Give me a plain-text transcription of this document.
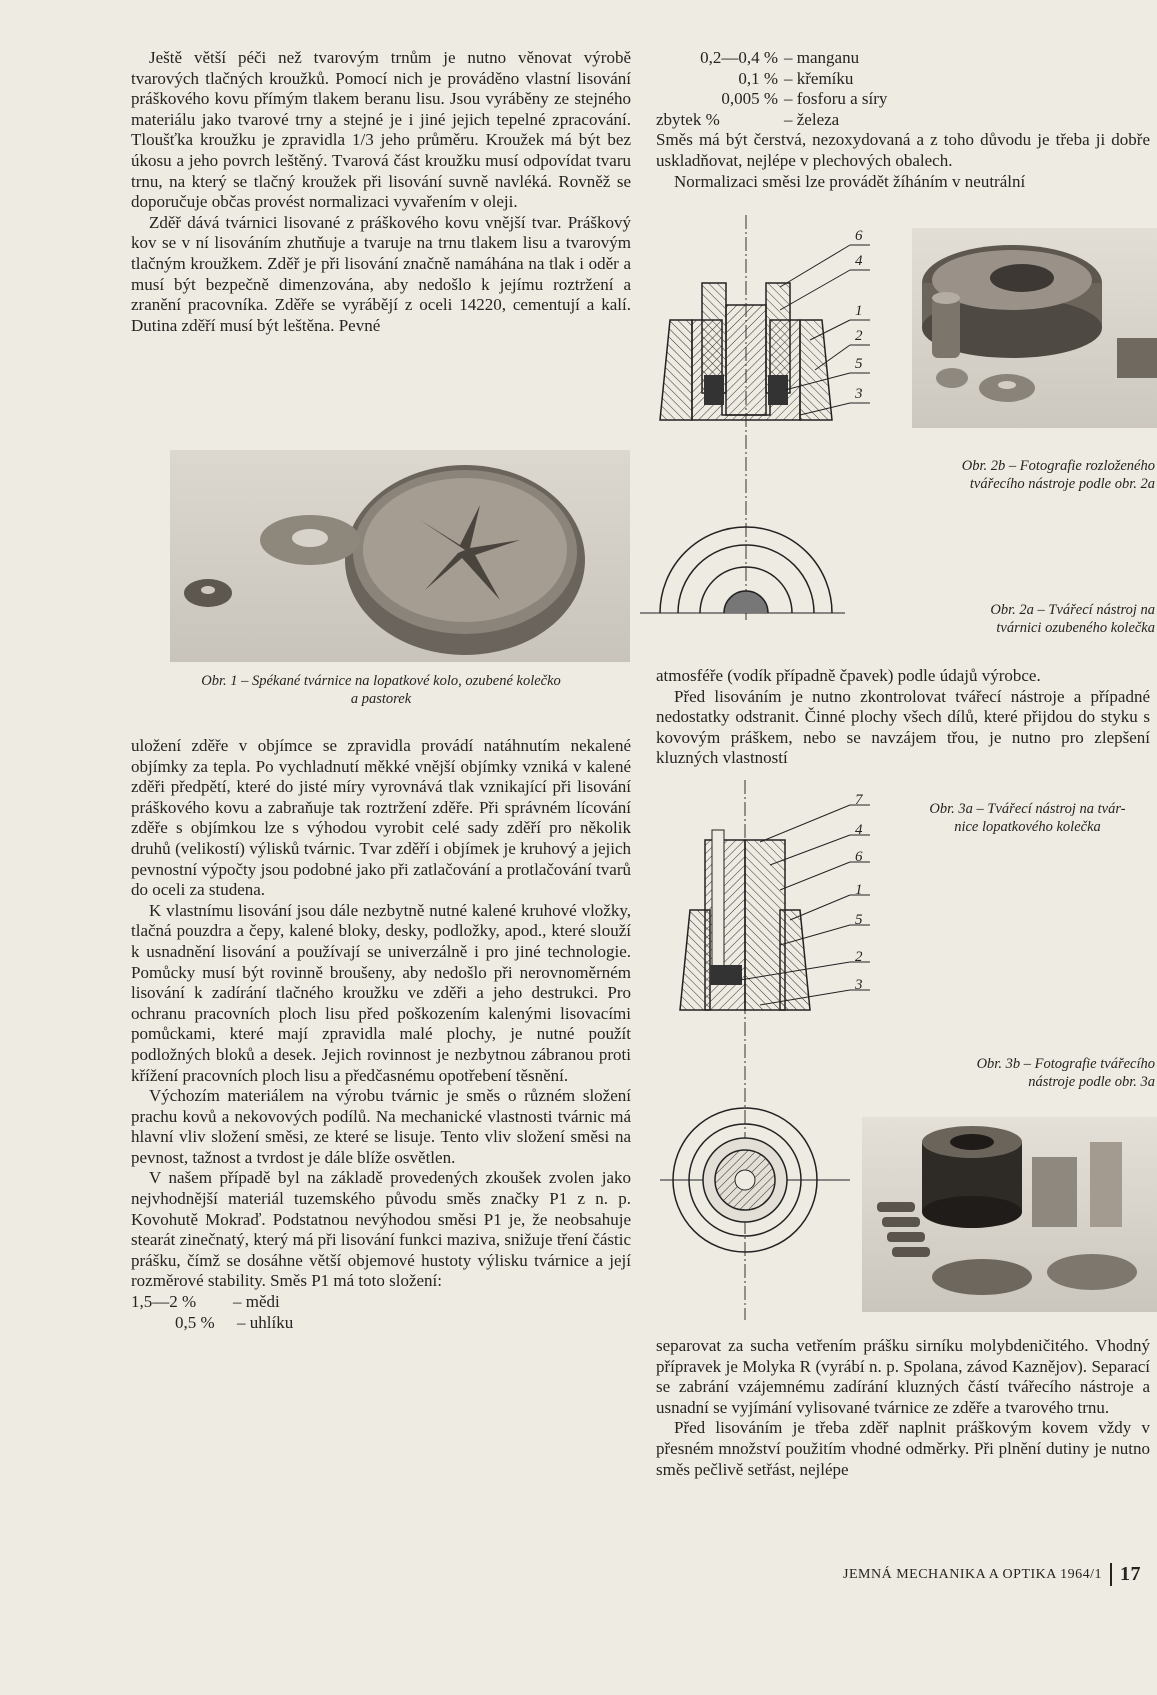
Ještě větší péči než tvarovým trnům je nutno věnovat výrobě tvarových tlačných kroužků. Pomocí nich je prováděno vlastní lisování práškového kovu přímým tlakem beranu lisu. Jsou vyráběny ze stejného materiálu jako tvarové trny a stejné je i jiné jejich tepelné zpracování. Tloušťka kroužku je zpravidla 1/3 jeho průměru. Kroužek má být bez úkosu a jeho povrch leštěný. Tvarová část kroužku musí odpovídat tvaru trnu, na který se tlačný kroužek při lisování suvně navléká. Rovněž se doporučuje občas provést normalizaci vyvařením v oleji.

Zděř dává tvárnici lisované z práškového kovu vnější tvar. Práškový kov se v ní lisováním zhutňuje a tvaruje na trnu tlakem lisu a tvarovým tlačným kroužkem. Zděř je při lisování značně namáhána na tlak i oděr a musí být bezpečně dimenzována, aby nedošlo k jejímu roztržení a zranění pracovníka. Zděře se vyrábějí z oceli 14220, cementují a kalí. Dutina zděří musí být leštěna. Pevné

Obr. 1 – Spékané tvárnice na lopatkové kolo, ozubené kolečko
a pastorek

uložení zděře v objímce se zpravidla provádí natáhnutím nekalené objímky za tepla. Po vychladnutí měkké vnější objímky vzniká v kalené zděři předpětí, které do jisté míry vyrovnává tlak vznikající při lisování práškového kovu a zabraňuje tak roztržení zděře. Při správném lícování zděře s objímkou lze s výhodou vyrobit celé sady zděří pro několik druhů (velikostí) výlisků tvárnic. Tvar zděří i objímek je kruhový a jejich pevnostní výpočty jsou podobné jako při zatlačování a protlačování tvarů do oceli za studena.

K vlastnímu lisování jsou dále nezbytně nutné kalené kruhové vložky, tlačná pouzdra a čepy, kalené bloky, desky, podložky, apod., které slouží k usnadnění lisování a používají se univerzálně i pro jiné technologie. Pomůcky musí být rovinně broušeny, aby nedošlo při nerovnoměrném lisování k zadírání tlačného kroužku ve zděři a jeho destrukci. Pro ochranu pracovních ploch lisu před poškozením kalenými lisovacími pomůckami, které mají zpravidla malé plochy, je nutné použít podložných bloků a desek. Jejich rovinnost je nezbytnou zábranou proti křížení pracovních ploch lisu a předčasnému opotřebení těsnění.

Výchozím materiálem na výrobu tvárnic je směs o různém složení prachu kovů a nekovových podílů. Na mechanické vlastnosti tvárnic má hlavní vliv složení směsi, ze které se lisuje. Tento vliv složení směsi na pevnost, tažnost a tvrdost je dále blíže osvětlen.

V našem případě byl na základě provedených zkoušek zvolen jako nejvhodnější materiál tuzemského původu směs značky P1 z n. p. Kovohutě Mokraď. Podstatnou nevýhodou směsi P1 je, že neobsahuje stearát zinečnatý, který má při lisování funkci maziva, snižuje tření částic prášku, čímž se dosáhne větší objemové hustoty výlisku tvárnice a její rozměrové stability. Směs P1 má toto složení:

1,5—2 %	– mědi
0,5 %	– uhlíku
0,2—0,4 % – manganu
0,1 % – křemíku
0,005 % – fosforu a síry
zbytek %	– železa

Směs má být čerstvá, nezoxydovaná a z toho důvodu je třeba ji dobře uskladňovat, nejlépe v plechových obalech.

Normalizaci směsi lze provádět žíháním v neutrální

6
4
1
2
5
3
Obr. 2b – Fotografie rozloženého
tvářecího nástroje podle obr. 2a
Obr. 2a – Tvářecí nástroj na
tvárnici ozubeného kolečka

atmosféře (vodík případně čpavek) podle údajů výrobce.

Před lisováním je nutno zkontrolovat tvářecí nástroje a případné nedostatky odstranit. Činné plochy všech dílů, které přijdou do styku s kovovým práškem, nebo se navzájem třou, je nutno pro zlepšení kluzných vlastností

7
4
6
1
5
2
3
Obr. 3a – Tvářecí nástroj na tvár-
nice lopatkového kolečka
Obr. 3b – Fotografie tvářecího
nástroje podle obr. 3a

separovat za sucha vetřením prášku sirníku molybdeničitého. Vhodný přípravek je Molyka R (vyrábí n. p. Spolana, závod Kaznějov). Separací se zabrání vzájemnému zadírání kluzných částí tvářecího nástroje a usnadní se vyjímání vylisované tvárnice ze zděře a tvarového trnu.

Před lisováním je třeba zděř naplnit práškovým kovem vždy v přesném množství použitím vhodné odměrky. Při plnění dutiny je nutno směs pečlivě setřást, nejlépe

JEMNÁ MECHANIKA A OPTIKA 1964/1 17
